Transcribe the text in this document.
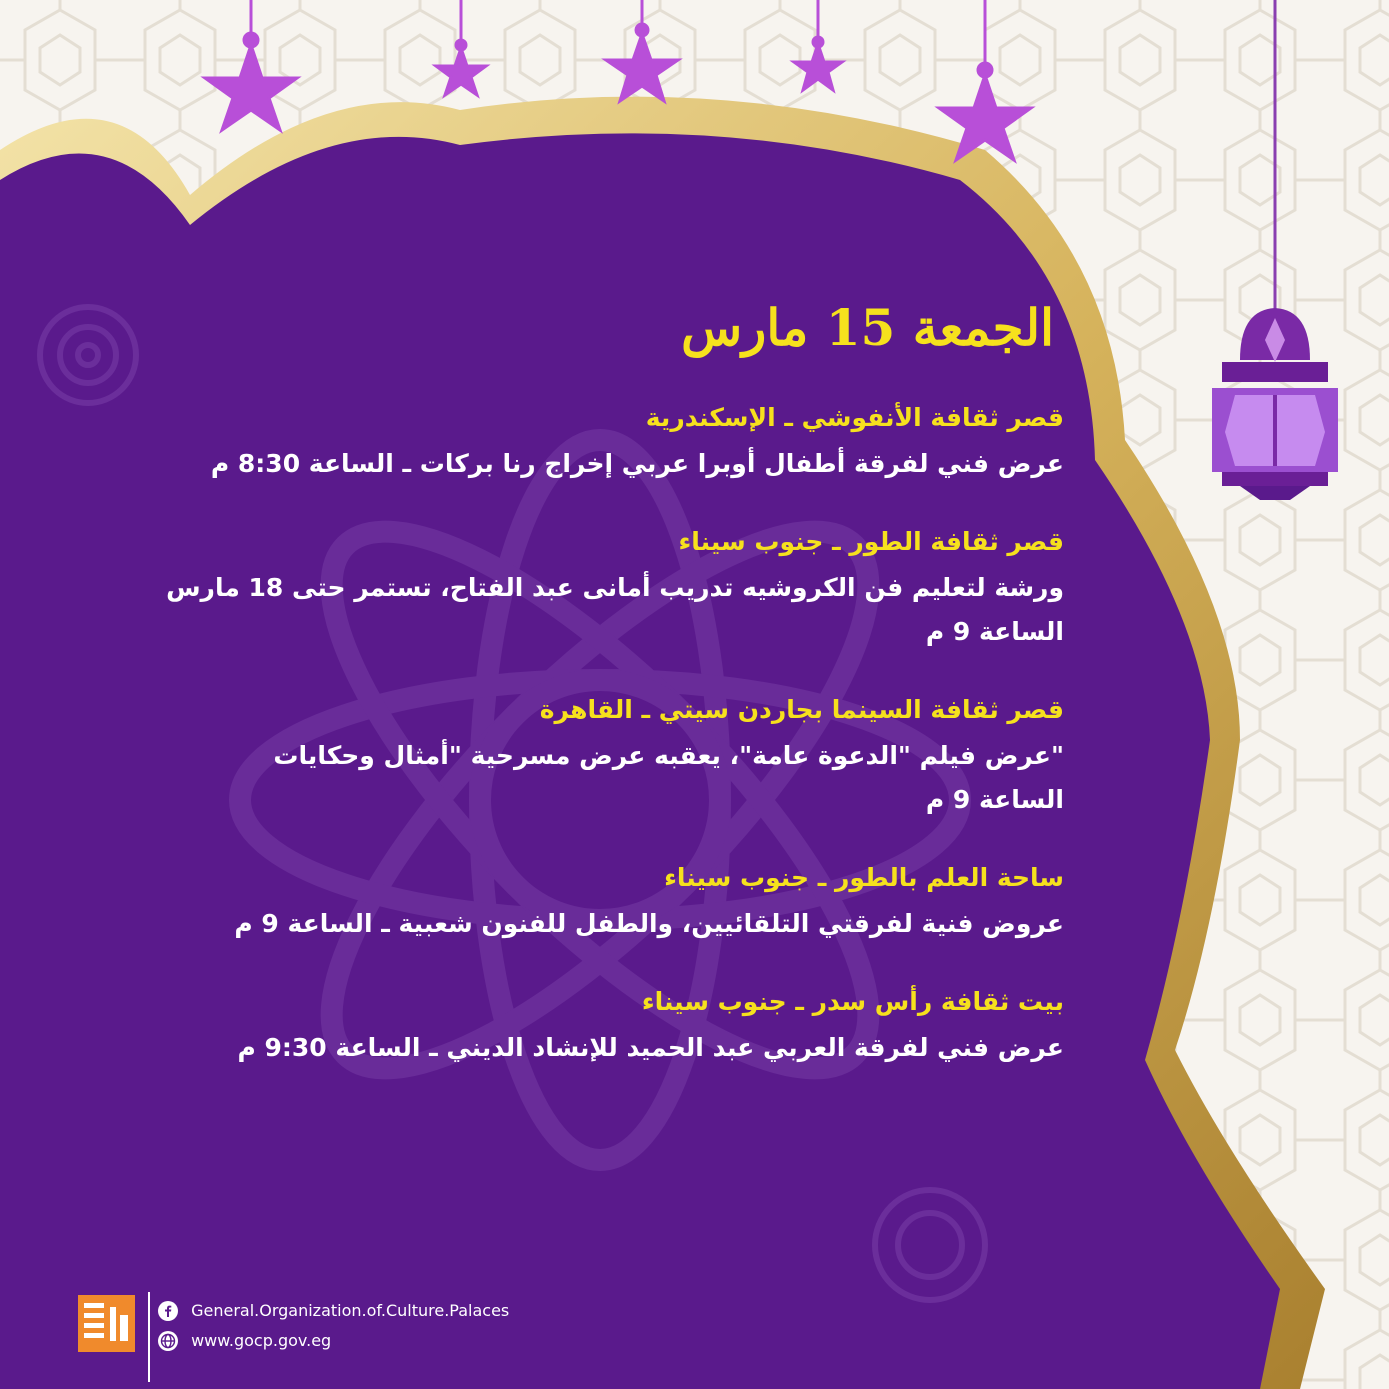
الجمعة 15 مارس
قصر ثقافة الأنفوشي ـ الإسكندرية
عرض فني لفرقة أطفال أوبرا عربي إخراج رنا بركات ـ الساعة 8:30 م
قصر ثقافة الطور ـ جنوب سيناء
ورشة لتعليم فن الكروشيه تدريب أمانى عبد الفتاح، تستمر حتى 18 مارس
الساعة 9 م
قصر ثقافة السينما بجاردن سيتي ـ القاهرة
"عرض فيلم "الدعوة عامة"، يعقبه عرض مسرحية "أمثال وحكايات
الساعة 9 م
ساحة العلم بالطور ـ جنوب سيناء
عروض فنية لفرقتي التلقائيين، والطفل للفنون شعبية ـ الساعة 9 م
بيت ثقافة رأس سدر ـ جنوب سيناء
عرض فني لفرقة العربي عبد الحميد للإنشاد الديني ـ الساعة 9:30 م
General.Organization.of.Culture.Palaces
www.gocp.gov.eg
